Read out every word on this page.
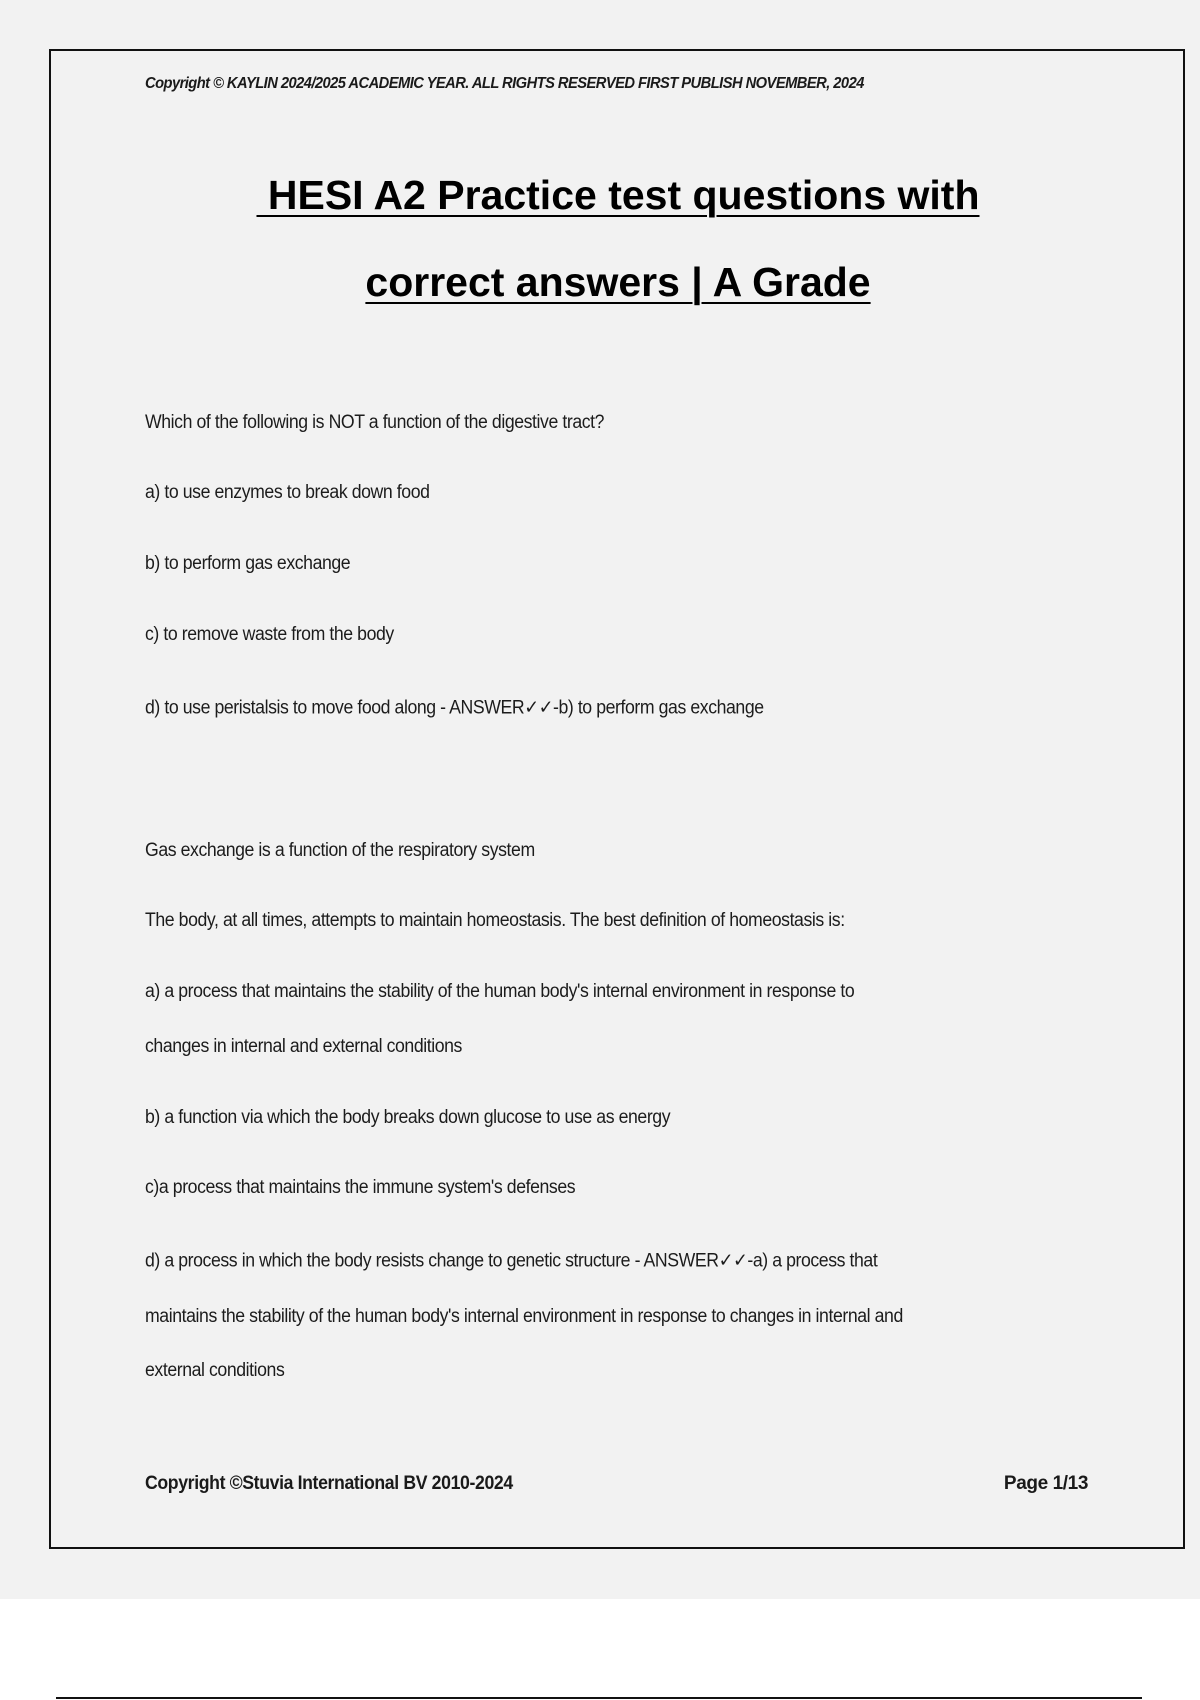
Copyright © KAYLIN 2024/2025 ACADEMIC YEAR. ALL RIGHTS RESERVED FIRST PUBLISH NOVEMBER, 2024
HESI A2 Practice test questions with
correct answers | A Grade
Which of the following is NOT a function of the digestive tract?
a) to use enzymes to break down food
b) to perform gas exchange
c) to remove waste from the body
d) to use peristalsis to move food along - ANSWER✓✓-b) to perform gas exchange
Gas exchange is a function of the respiratory system
The body, at all times, attempts to maintain homeostasis. The best definition of homeostasis is:
a) a process that maintains the stability of the human body's internal environment in response to
changes in internal and external conditions
b) a function via which the body breaks down glucose to use as energy
c)a process that maintains the immune system's defenses
d) a process in which the body resists change to genetic structure - ANSWER✓✓-a) a process that
maintains the stability of the human body's internal environment in response to changes in internal and
external conditions
Copyright ©Stuvia International BV 2010-2024	Page 1/13
